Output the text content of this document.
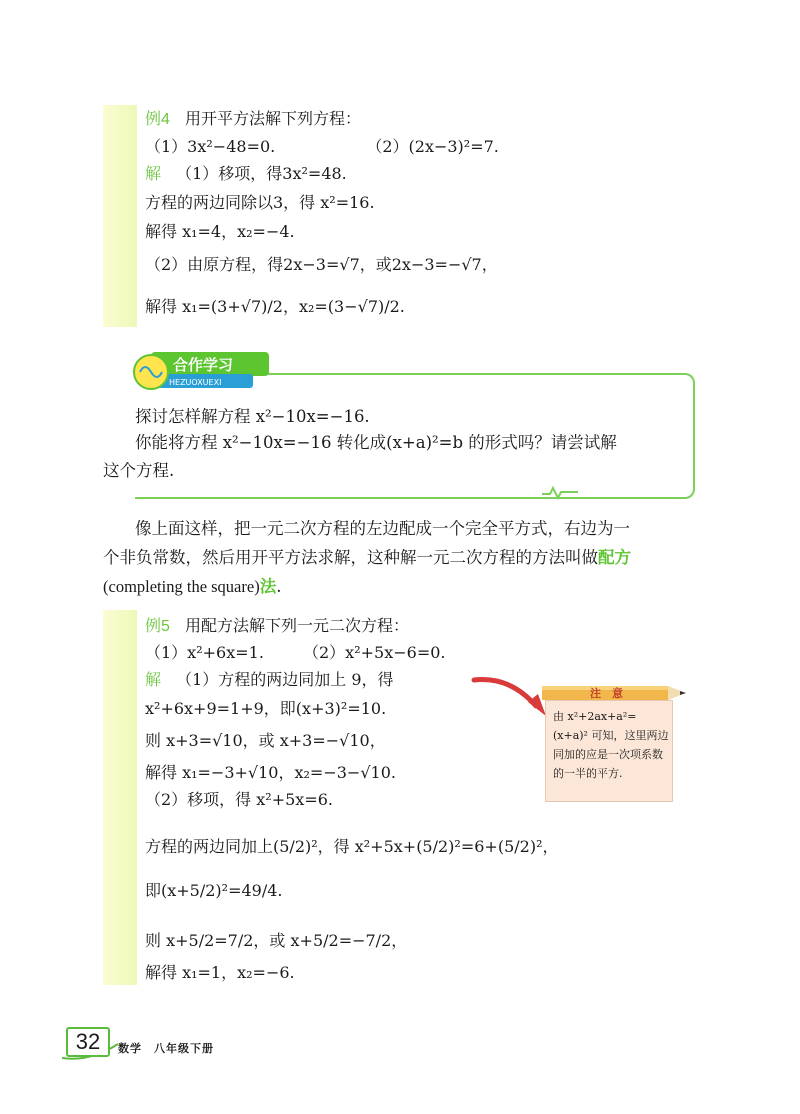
例4 用开平方法解下列方程：
（1）3x²−48=0.	（2）(2x−3)²=7.
解 （1）移项，得3x²=48.
方程的两边同除以3，得 x²=16.
解得 x₁=4，x₂=−4.
（2）由原方程，得2x−3=√7，或2x−3=−√7，
解得 x₁=(3+√7)/2，x₂=(3−√7)/2.
合作学习
HEZUOXUEXI
探讨怎样解方程 x²−10x=−16.
你能将方程 x²−10x=−16 转化成(x+a)²=b 的形式吗？请尝试解
这个方程.
像上面这样，把一元二次方程的左边配成一个完全平方式，右边为一
个非负常数，然后用开平方法求解，这种解一元二次方程的方法叫做配方
(completing the square)法.
例5 用配方法解下列一元二次方程：
（1）x²+6x=1. （2）x²+5x−6=0.
解 （1）方程的两边同加上 9，得
x²+6x+9=1+9，即(x+3)²=10.
则 x+3=√10，或 x+3=−√10，
解得 x₁=−3+√10，x₂=−3−√10.
（2）移项，得 x²+5x=6.
方程的两边同加上(5/2)²，得 x²+5x+(5/2)²=6+(5/2)²，
即(x+5/2)²=49/4.
则 x+5/2=7/2，或 x+5/2=−7/2，
解得 x₁=1，x₂=−6.
注　意
由 x²+2ax+a²=(x+a)² 可知，这里两边同加的应是一次项系数的一半的平方.
32	数学　八年级下册
